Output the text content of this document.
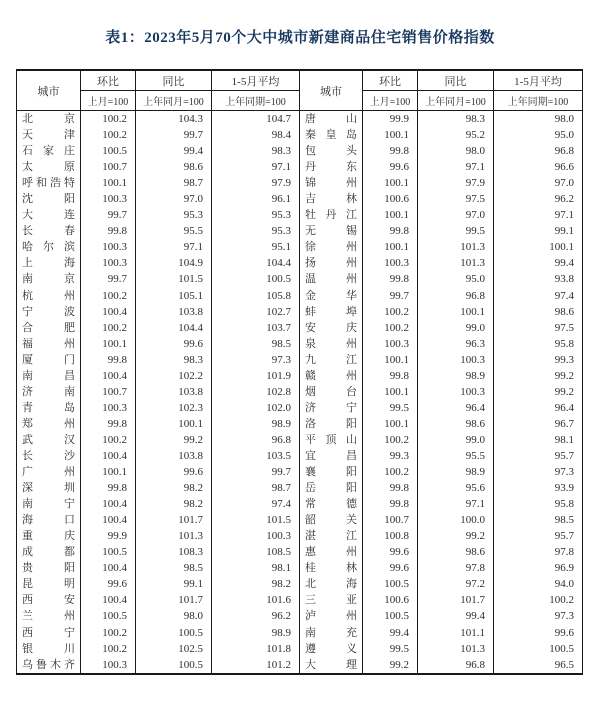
表1：2023年5月70个大中城市新建商品住宅销售价格指数
城市	环比	同比	1-5月平均	城市	环比	同比	1-5月平均
	上月=100	上年同月=100	上年同期=100		上月=100	上年同月=100	上年同期=100

北京	100.2	104.3	104.7	唐山	99.9	98.3	98.0

天津	100.2	99.7	98.4	秦皇岛	100.1	95.2	95.0

石家庄	100.5	99.4	98.3	包头	99.8	98.0	96.8

太原	100.7	98.6	97.1	丹东	99.6	97.1	96.6

呼和浩特	100.1	98.7	97.9	锦州	100.1	97.9	97.0

沈阳	100.3	97.0	96.1	吉林	100.6	97.5	96.2

大连	99.7	95.3	95.3	牡丹江	100.1	97.0	97.1

长春	99.8	95.5	95.3	无锡	99.8	99.5	99.1

哈尔滨	100.3	97.1	95.1	徐州	100.1	101.3	100.1

上海	100.3	104.9	104.4	扬州	100.3	101.3	99.4

南京	99.7	101.5	100.5	温州	99.8	95.0	93.8

杭州	100.2	105.1	105.8	金华	99.7	96.8	97.4

宁波	100.4	103.8	102.7	蚌埠	100.2	100.1	98.6

合肥	100.2	104.4	103.7	安庆	100.2	99.0	97.5

福州	100.1	99.6	98.5	泉州	100.3	96.3	95.8

厦门	99.8	98.3	97.3	九江	100.1	100.3	99.3

南昌	100.4	102.2	101.9	赣州	99.8	98.9	99.2

济南	100.7	103.8	102.8	烟台	100.1	100.3	99.2

青岛	100.3	102.3	102.0	济宁	99.5	96.4	96.4

郑州	99.8	100.1	98.9	洛阳	100.1	98.6	96.7

武汉	100.2	99.2	96.8	平顶山	100.2	99.0	98.1

长沙	100.4	103.8	103.5	宜昌	99.3	95.5	95.7

广州	100.1	99.6	99.7	襄阳	100.2	98.9	97.3

深圳	99.8	98.2	98.7	岳阳	99.8	95.6	93.9

南宁	100.4	98.2	97.4	常德	99.8	97.1	95.8

海口	100.4	101.7	101.5	韶关	100.7	100.0	98.5

重庆	99.9	101.3	100.3	湛江	100.8	99.2	95.7

成都	100.5	108.3	108.5	惠州	99.6	98.6	97.8

贵阳	100.4	98.5	98.1	桂林	99.6	97.8	96.9

昆明	99.6	99.1	98.2	北海	100.5	97.2	94.0

西安	100.4	101.7	101.6	三亚	100.6	101.7	100.2

兰州	100.5	98.0	96.2	泸州	100.5	99.4	97.3

西宁	100.2	100.5	98.9	南充	99.4	101.1	99.6

银川	100.2	102.5	101.8	遵义	99.5	101.3	100.5

乌鲁木齐	100.3	100.5	101.2	大理	99.2	96.8	96.5
